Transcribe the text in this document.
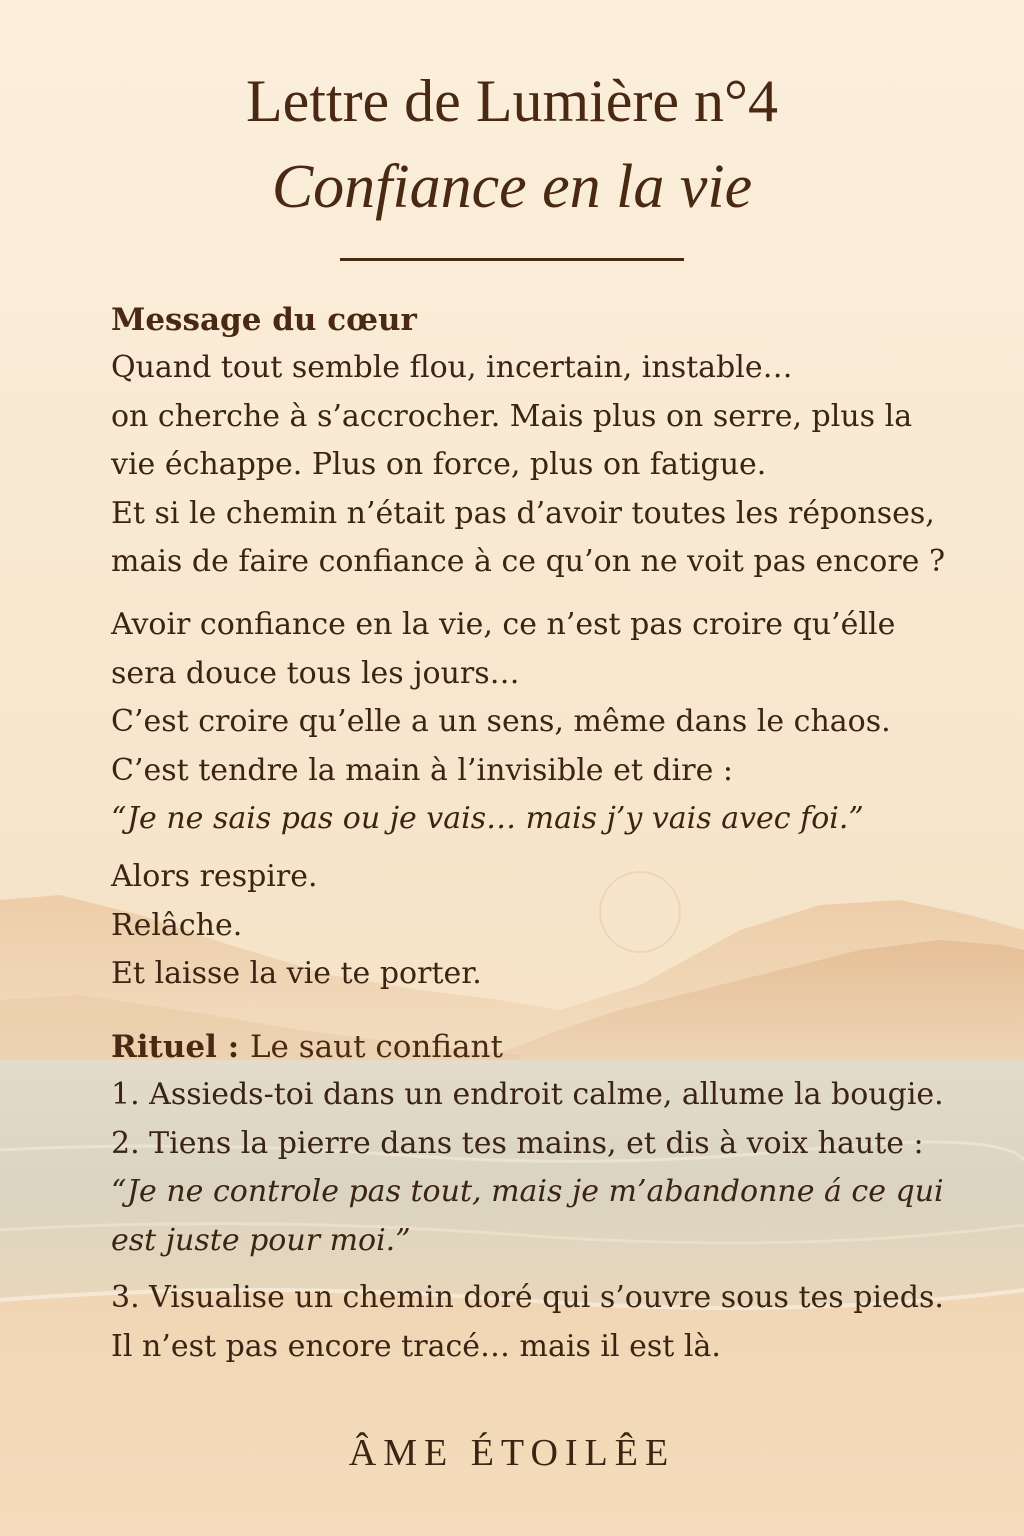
Lettre de Lumière n°4
Confiance en la vie
Message du cœur
Quand tout semble flou, incertain, instable…
on cherche à s’accrocher. Mais plus on serre, plus la
vie échappe. Plus on force, plus on fatigue.
Et si le chemin n’était pas d’avoir toutes les réponses,
mais de faire confiance à ce qu’on ne voit pas encore ?
Avoir confiance en la vie, ce n’est pas croire qu’élle
sera douce tous les jours…
C’est croire qu’elle a un sens, même dans le chaos.
C’est tendre la main à l’invisible et dire :
“Je ne sais pas ou je vais… mais j’y vais avec foi.”
Alors respire.
Relâche.
Et laisse la vie te porter.
Rituel : Le saut confiant
1. Assieds-toi dans un endroit calme, allume la bougie.
2. Tiens la pierre dans tes mains, et dis à voix haute :
“Je ne controle pas tout, mais je m’abandonne á ce qui
est juste pour moi.”
3. Visualise un chemin doré qui s’ouvre sous tes pieds.
Il n’est pas encore tracé… mais il est là.
ÂME ÉTOILÊE
